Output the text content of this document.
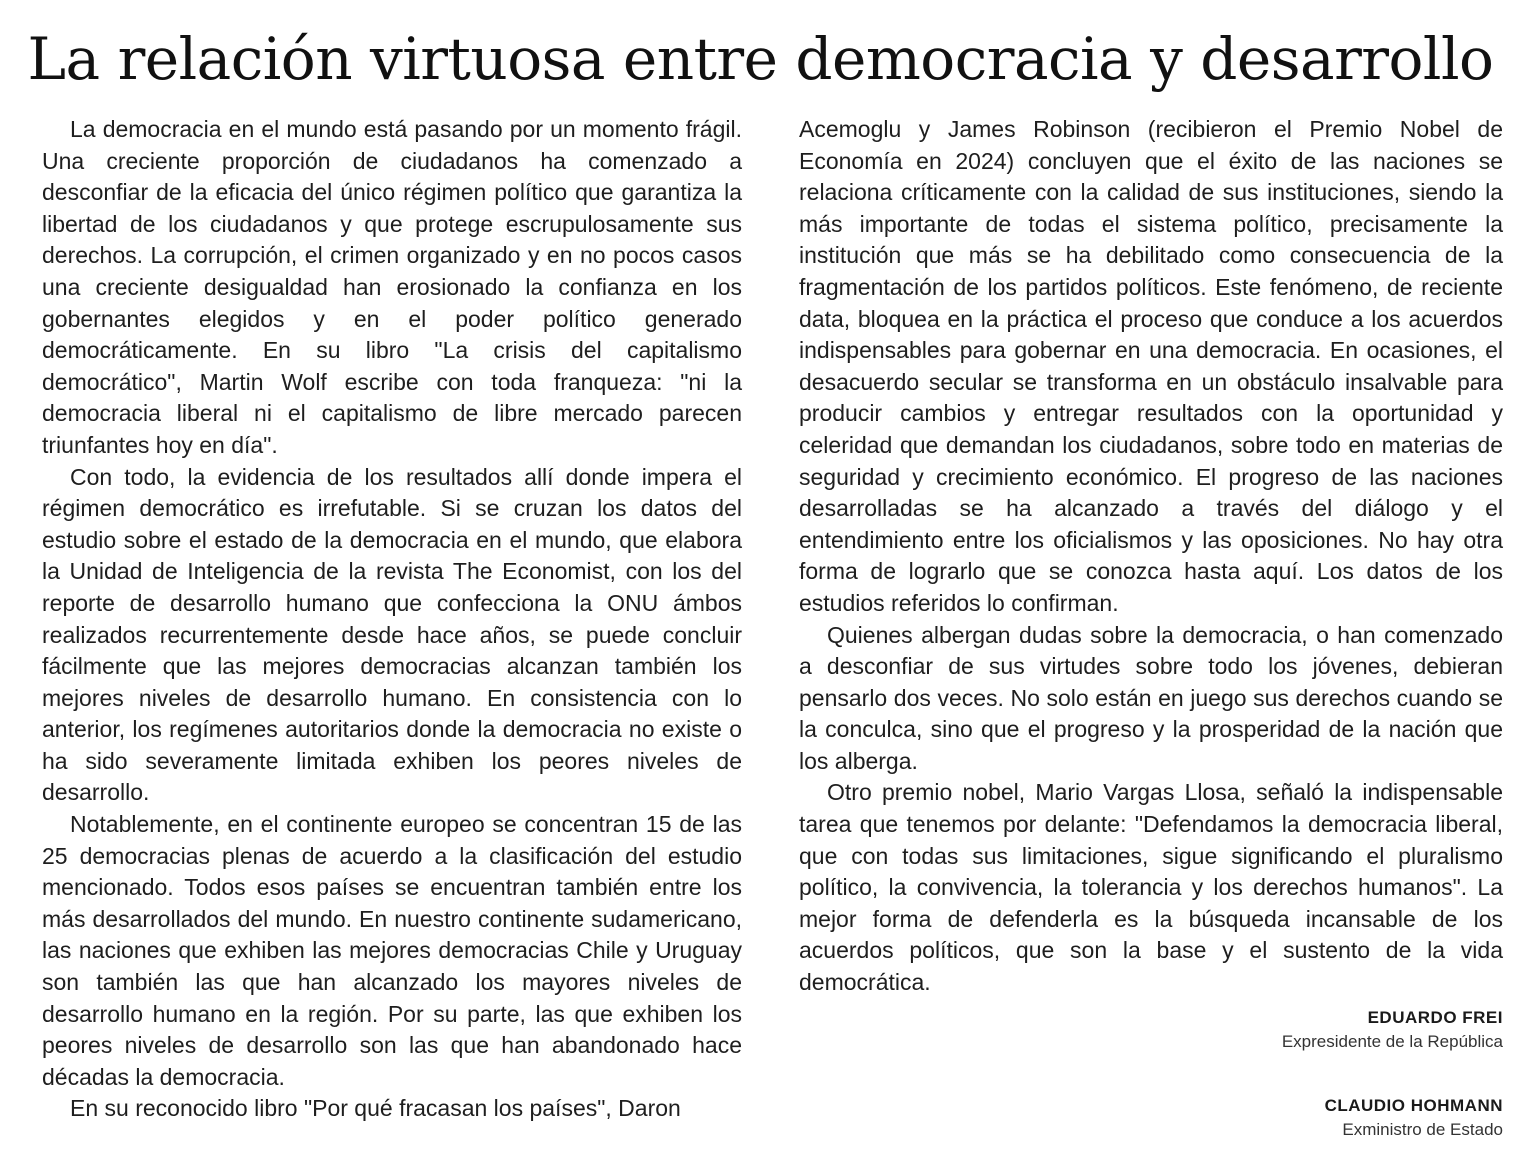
La relación virtuosa entre democracia y desarrollo

La democracia en el mundo está pasando por un momento frágil. Una creciente proporción de ciudadanos ha comenzado a desconfiar de la eficacia del único régimen político que garantiza la libertad de los ciudadanos y que protege escrupulosamente sus derechos. La corrupción, el crimen organizado y en no pocos casos una creciente desigualdad han erosionado la confianza en los gobernantes elegidos y en el poder político generado democráticamente. En su libro "La crisis del capitalismo democrático", Martin Wolf escribe con toda franqueza: "ni la democracia liberal ni el capitalismo de libre mercado parecen triunfantes hoy en día".

Con todo, la evidencia de los resultados allí donde impera el régimen democrático es irrefutable. Si se cruzan los datos del estudio sobre el estado de la democracia en el mundo, que elabora la Unidad de Inteligencia de la revista The Economist, con los del reporte de desarrollo humano que confecciona la ONU ámbos realizados recurrentemente desde hace años, se puede concluir fácilmente que las mejores democracias alcanzan también los mejores niveles de desarrollo humano. En consistencia con lo anterior, los regímenes autoritarios donde la democracia no existe o ha sido severamente limitada exhiben los peores niveles de desarrollo.

Notablemente, en el continente europeo se concentran 15 de las 25 democracias plenas de acuerdo a la clasificación del estudio mencionado. Todos esos países se encuentran también entre los más desarrollados del mundo. En nuestro continente sudamericano, las naciones que exhiben las mejores democracias Chile y Uruguay son también las que han alcanzado los mayores niveles de desarrollo humano en la región. Por su parte, las que exhiben los peores niveles de desarrollo son las que han abandonado hace décadas la democracia.

En su reconocido libro "Por qué fracasan los países", Daron

Acemoglu y James Robinson (recibieron el Premio Nobel de Economía en 2024) concluyen que el éxito de las naciones se relaciona críticamente con la calidad de sus instituciones, siendo la más importante de todas el sistema político, precisamente la institución que más se ha debilitado como consecuencia de la fragmentación de los partidos políticos. Este fenómeno, de reciente data, bloquea en la práctica el proceso que conduce a los acuerdos indispensables para gobernar en una democracia. En ocasiones, el desacuerdo secular se transforma en un obstáculo insalvable para producir cambios y entregar resultados con la oportunidad y celeridad que demandan los ciudadanos, sobre todo en materias de seguridad y crecimiento económico. El progreso de las naciones desarrolladas se ha alcanzado a través del diálogo y el entendimiento entre los oficialismos y las oposiciones. No hay otra forma de lograrlo que se conozca hasta aquí. Los datos de los estudios referidos lo confirman.

Quienes albergan dudas sobre la democracia, o han comenzado a desconfiar de sus virtudes sobre todo los jóvenes, debieran pensarlo dos veces. No solo están en juego sus derechos cuando se la conculca, sino que el progreso y la prosperidad de la nación que los alberga.

Otro premio nobel, Mario Vargas Llosa, señaló la indispensable tarea que tenemos por delante: "Defendamos la democracia liberal, que con todas sus limitaciones, sigue significando el pluralismo político, la convivencia, la tolerancia y los derechos humanos". La mejor forma de defenderla es la búsqueda incansable de los acuerdos políticos, que son la base y el sustento de la vida democrática.

EDUARDO FREI
Expresidente de la República
CLAUDIO HOHMANN
Exministro de Estado
